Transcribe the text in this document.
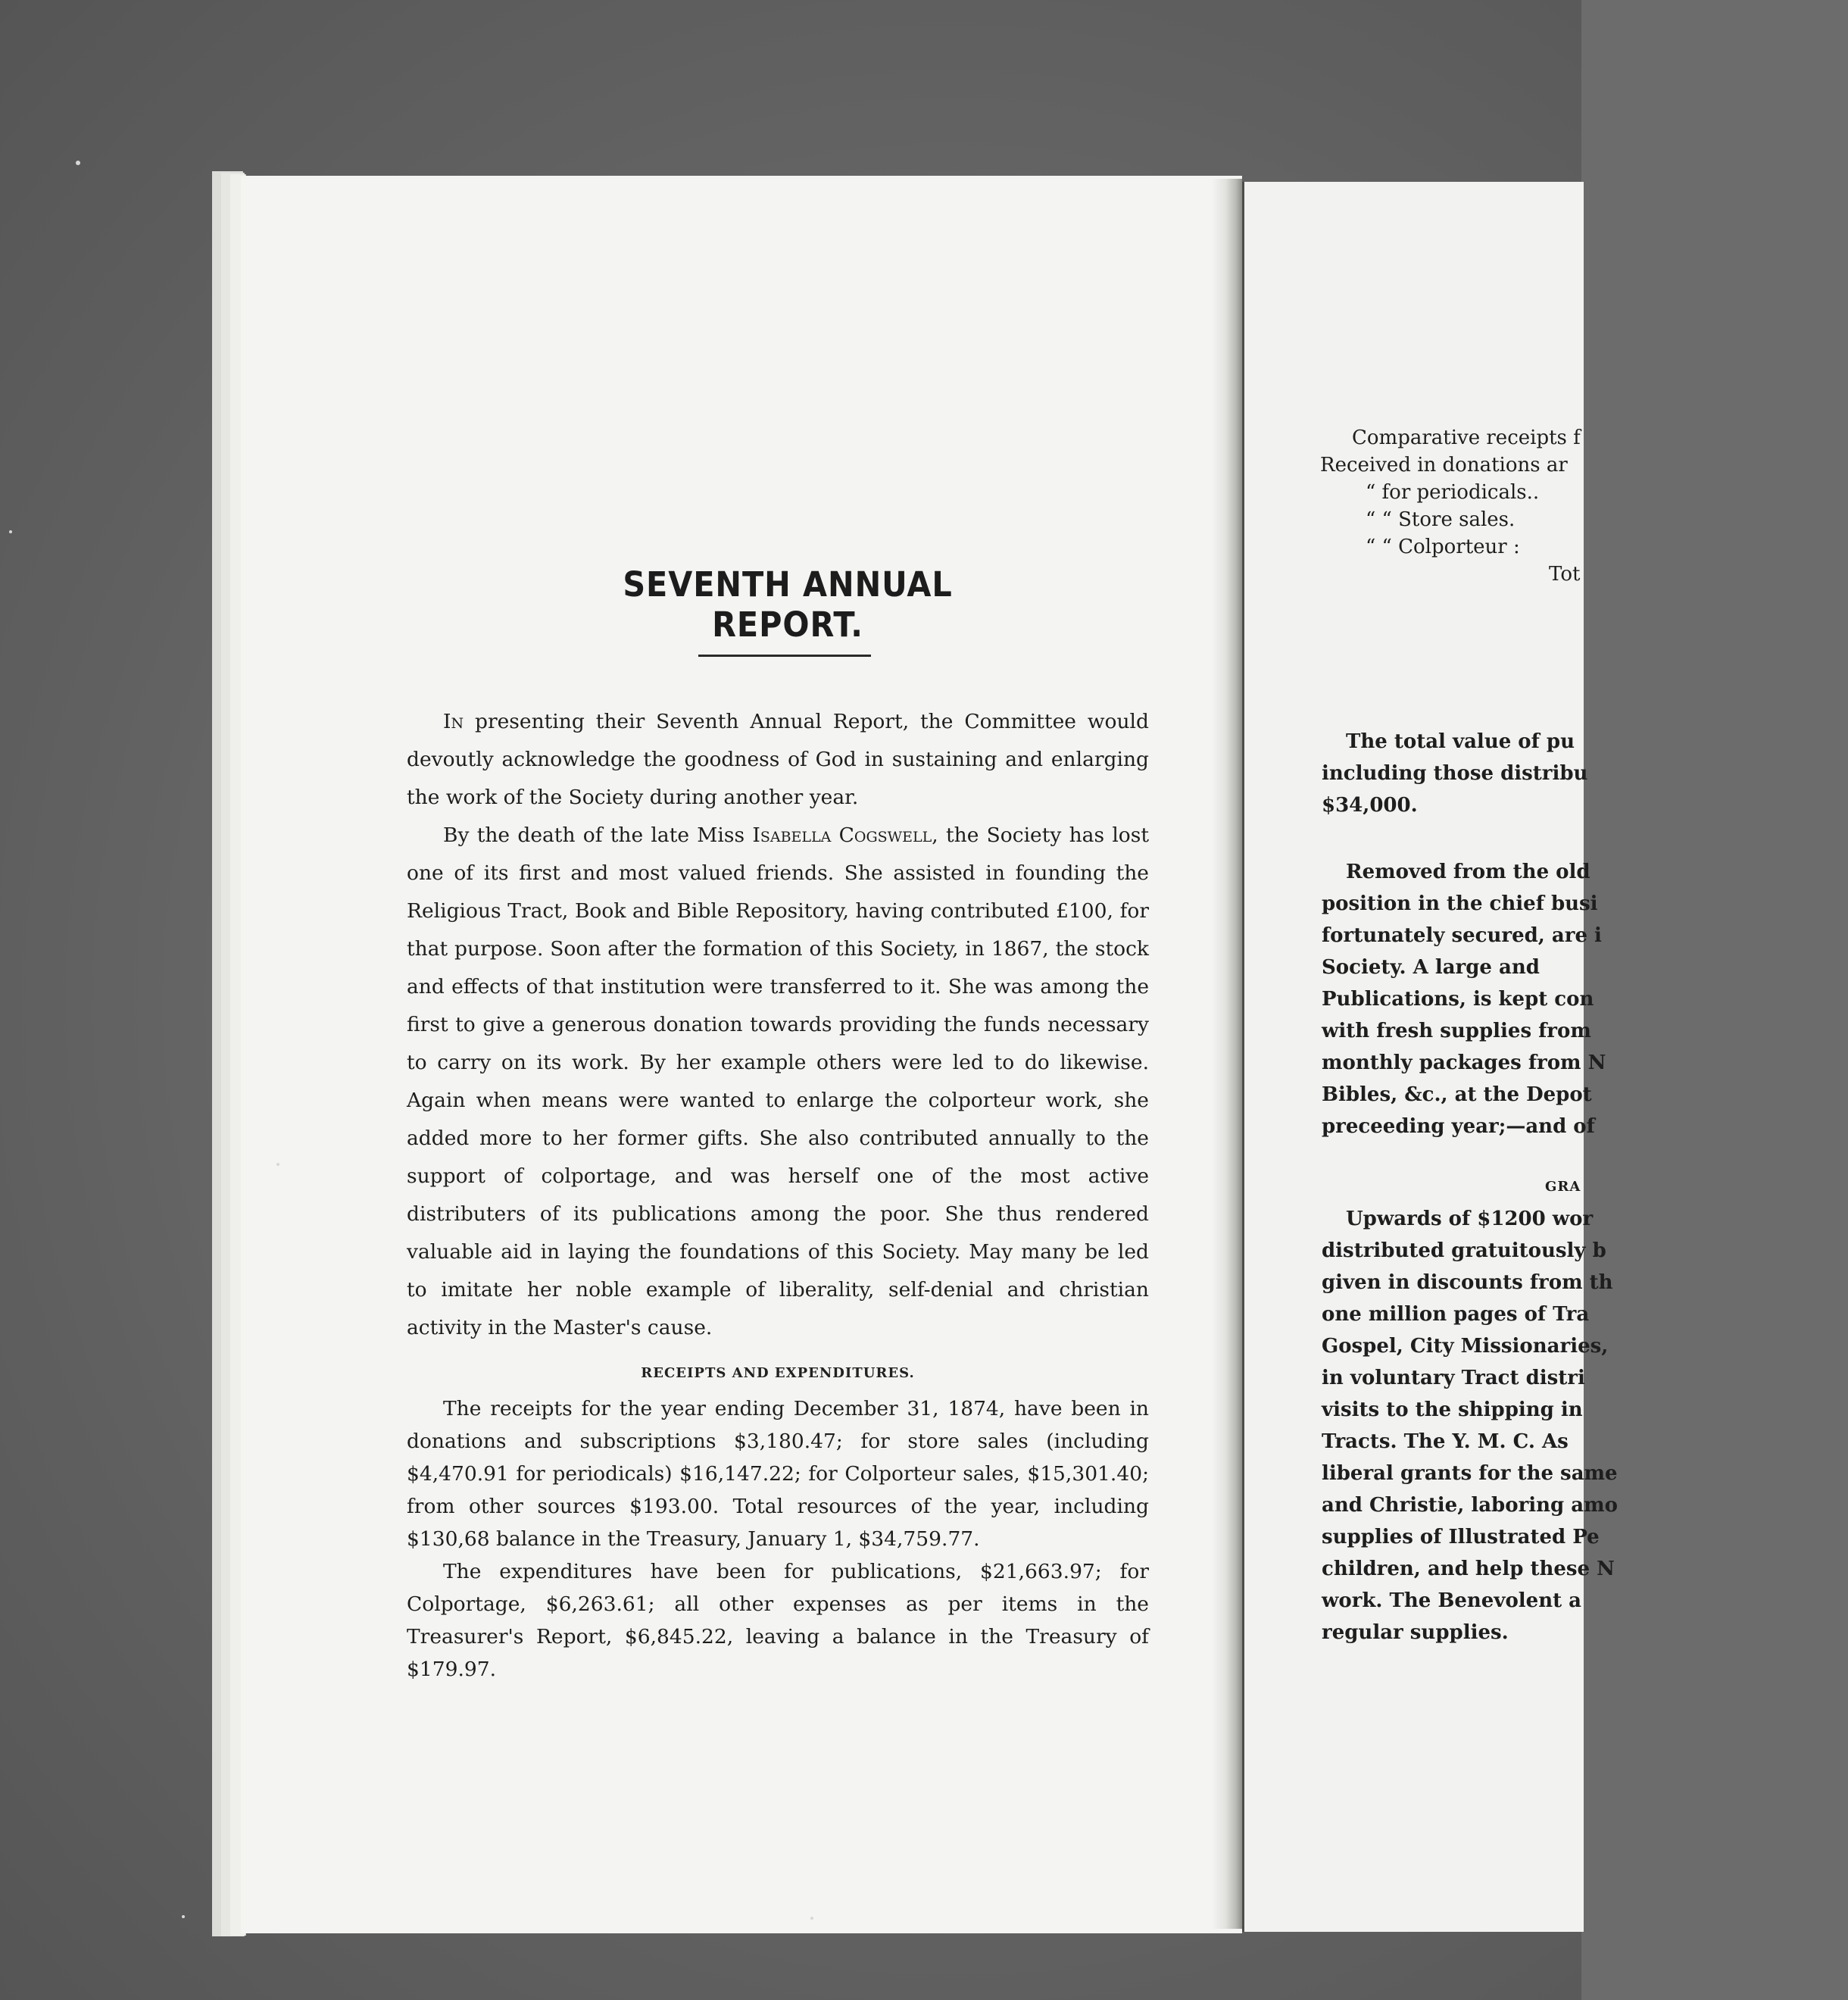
SEVENTH ANNUAL REPORT.

In presenting their Seventh Annual Report, the Committee would devoutly acknowledge the goodness of God in sustaining and enlarging the work of the Society during another year.

By the death of the late Miss Isabella Cogswell, the Society has lost one of its first and most valued friends. She assisted in founding the Religious Tract, Book and Bible Repository, having contributed £100, for that purpose. Soon after the formation of this Society, in 1867, the stock and effects of that institution were transferred to it. She was among the first to give a generous donation towards providing the funds necessary to carry on its work. By her example others were led to do likewise. Again when means were wanted to enlarge the colporteur work, she added more to her former gifts. She also contributed annually to the support of colportage, and was herself one of the most active distributers of its publications among the poor. She thus rendered valuable aid in laying the foundations of this Society. May many be led to imitate her noble example of liberality, self-denial and christian activity in the Master's cause.

RECEIPTS AND EXPENDITURES.

The receipts for the year ending December 31, 1874, have been in donations and subscriptions $3,180.47; for store sales (including $4,470.91 for periodicals) $16,147.22; for Colporteur sales, $15,301.40; from other sources $193.00. Total resources of the year, including $130,68 balance in the Treasury, January 1, $34,759.77.

The expenditures have been for publications, $21,663.97; for Colportage, $6,263.61; all other expenses as per items in the Treasurer's Report, $6,845.22, leaving a balance in the Treasury of $179.97.

Comparative receipts f
Received in donations ar
“ for periodicals..
“ “ Store sales.
“ “ Colporteur :
Tot
The total value of pu
including those distribu
$34,000.
Removed from the old
position in the chief busi
fortunately secured, are i
Society. A large and
Publications, is kept con
with fresh supplies from
monthly packages from N
Bibles, &c., at the Depot
preceeding year;—and of
GRA
Upwards of $1200 wor
distributed gratuitously b
given in discounts from th
one million pages of Tra
Gospel, City Missionaries,
in voluntary Tract distri
visits to the shipping in
Tracts. The Y. M. C. As
liberal grants for the same
and Christie, laboring amo
supplies of Illustrated Pe
children, and help these N
work. The Benevolent a
regular supplies.
